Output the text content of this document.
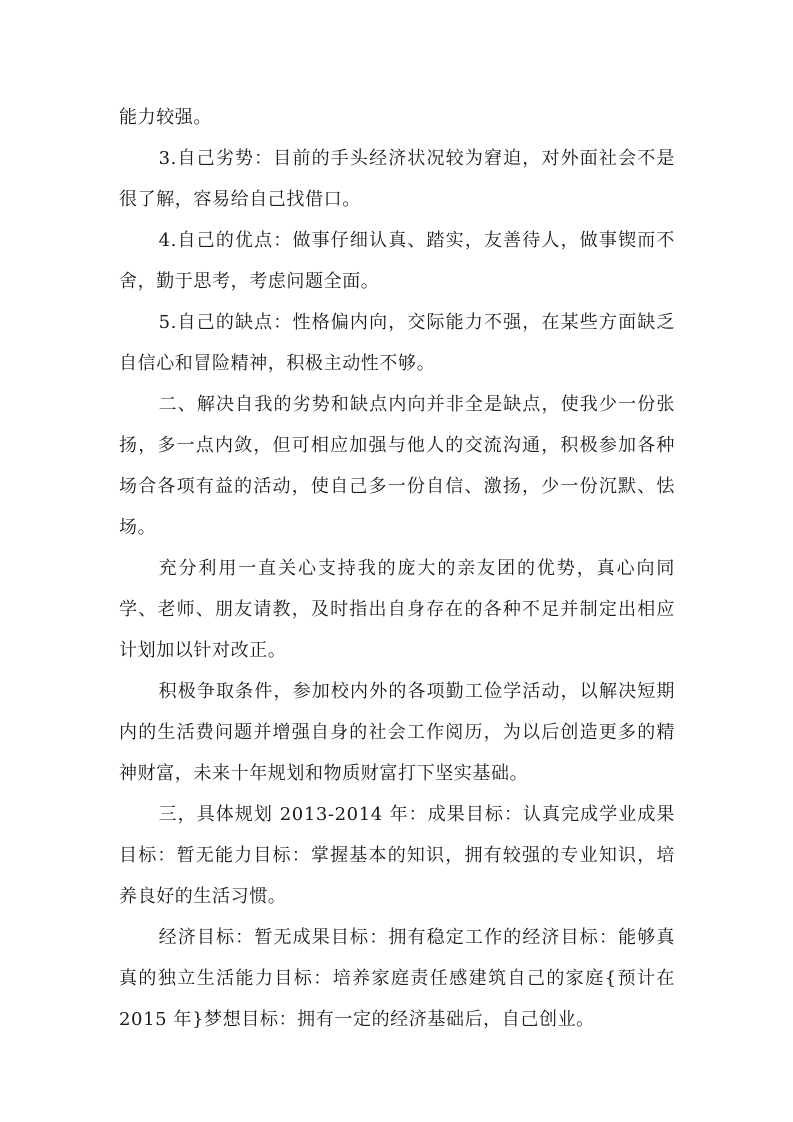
能力较强。

3.自己劣势：目前的手头经济状况较为窘迫，对外面社会不是很了解，容易给自己找借口。

4.自己的优点：做事仔细认真、踏实，友善待人，做事锲而不舍，勤于思考，考虑问题全面。

5.自己的缺点：性格偏内向，交际能力不强，在某些方面缺乏自信心和冒险精神，积极主动性不够。

二、解决自我的劣势和缺点内向并非全是缺点，使我少一份张扬，多一点内敛，但可相应加强与他人的交流沟通，积极参加各种场合各项有益的活动，使自己多一份自信、激扬，少一份沉默、怯场。

充分利用一直关心支持我的庞大的亲友团的优势，真心向同学、老师、朋友请教，及时指出自身存在的各种不足并制定出相应计划加以针对改正。

积极争取条件，参加校内外的各项勤工俭学活动，以解决短期内的生活费问题并增强自身的社会工作阅历，为以后创造更多的精神财富，未来十年规划和物质财富打下坚实基础。

三，具体规划 2013-2014 年：成果目标：认真完成学业成果目标：暂无能力目标：掌握基本的知识，拥有较强的专业知识，培养良好的生活习惯。

经济目标：暂无成果目标：拥有稳定工作的经济目标：能够真真的独立生活能力目标：培养家庭责任感建筑自己的家庭{预计在 2015 年}梦想目标：拥有一定的经济基础后，自己创业。
